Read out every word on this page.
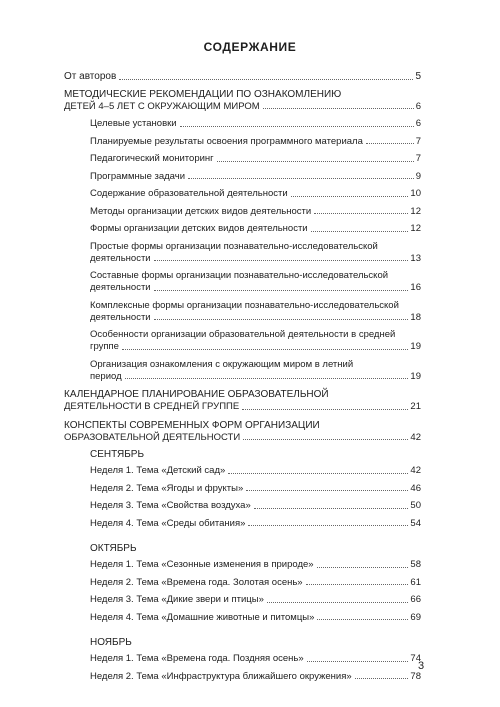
СОДЕРЖАНИЕ
От авторов	5
МЕТОДИЧЕСКИЕ РЕКОМЕНДАЦИИ ПО ОЗНАКОМЛЕНИЮ
ДЕТЕЙ 4–5 ЛЕТ С ОКРУЖАЮЩИМ МИРОМ	6
Целевые установки	6
Планируемые результаты освоения программного материала	7
Педагогический мониторинг	7
Программные задачи	9
Содержание образовательной деятельности	10
Методы организации детских видов деятельности	12
Формы организации детских видов деятельности	12
Простые формы организации познавательно-исследовательской
деятельности	13
Составные формы организации познавательно-исследовательской
деятельности	16
Комплексные формы организации познавательно-исследовательской
деятельности	18
Особенности организации образовательной деятельности в средней
группе	19
Организация ознакомления с окружающим миром в летний
период	19
КАЛЕНДАРНОЕ ПЛАНИРОВАНИЕ ОБРАЗОВАТЕЛЬНОЙ
ДЕЯТЕЛЬНОСТИ В СРЕДНЕЙ ГРУППЕ	21
КОНСПЕКТЫ СОВРЕМЕННЫХ ФОРМ ОРГАНИЗАЦИИ
ОБРАЗОВАТЕЛЬНОЙ ДЕЯТЕЛЬНОСТИ	42
СЕНТЯБРЬ
Неделя 1. Тема «Детский сад»	42
Неделя 2. Тема «Ягоды и фрукты»	46
Неделя 3. Тема «Свойства воздуха»	50
Неделя 4. Тема «Среды обитания»	54
ОКТЯБРЬ
Неделя 1. Тема «Сезонные изменения в природе»	58
Неделя 2. Тема «Времена года. Золотая осень»	61
Неделя 3. Тема «Дикие звери и птицы»	66
Неделя 4. Тема «Домашние животные и питомцы»	69
НОЯБРЬ
Неделя 1. Тема «Времена года. Поздняя осень»	74
Неделя 2. Тема «Инфраструктура ближайшего окружения»	78
3
